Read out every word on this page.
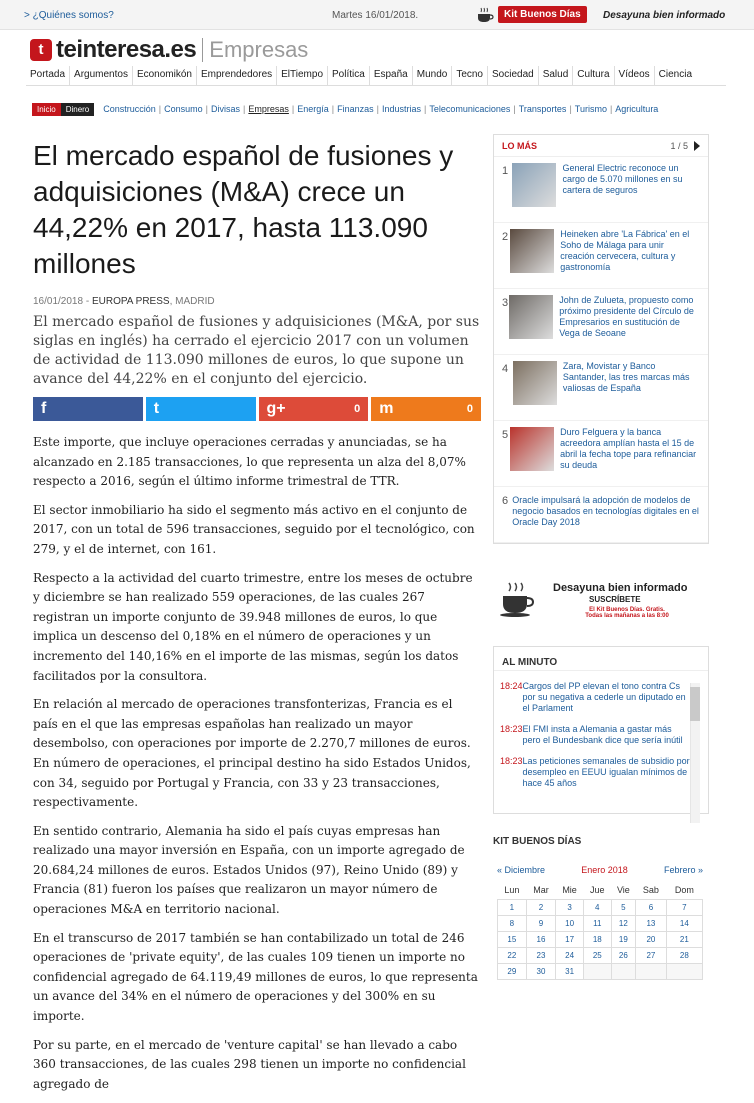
> ¿Quiénes somos?	Martes 16/01/2018.	Kit Buenos Días	Desayuna bien informado
t teinteresa.es Empresas
Portada Argumentos Economikón Emprendedores ElTiempo Política España Mundo Tecno Sociedad Salud Cultura Vídeos Ciencia
Inicio	Dinero	Construcción | Consumo | Divisas | Empresas | Energía | Finanzas | Industrias | Telecomunicaciones | Transportes | Turismo | Agricultura
El mercado español de fusiones y adquisiciones (M&A) crece un 44,22% en 2017, hasta 113.090 millones
16/01/2018 - EUROPA PRESS, MADRID

El mercado español de fusiones y adquisiciones (M&A, por sus siglas en inglés) ha cerrado el ejercicio 2017 con un volumen de actividad de 113.090 millones de euros, lo que supone un avance del 44,22% en el conjunto del ejercicio.

f	t	g+	0 m	0

Este importe, que incluye operaciones cerradas y anunciadas, se ha alcanzado en 2.185 transacciones, lo que representa un alza del 8,07% respecto a 2016, según el último informe trimestral de TTR.

El sector inmobiliario ha sido el segmento más activo en el conjunto de 2017, con un total de 596 transacciones, seguido por el tecnológico, con 279, y el de internet, con 161.

Respecto a la actividad del cuarto trimestre, entre los meses de octubre y diciembre se han realizado 559 operaciones, de las cuales 267 registran un importe conjunto de 39.948 millones de euros, lo que implica un descenso del 0,18% en el número de operaciones y un incremento del 140,16% en el importe de las mismas, según los datos facilitados por la consultora.

En relación al mercado de operaciones transfonterizas, Francia es el país en el que las empresas españolas han realizado un mayor desembolso, con operaciones por importe de 2.270,7 millones de euros. En número de operaciones, el principal destino ha sido Estados Unidos, con 34, seguido por Portugal y Francia, con 33 y 23 transacciones, respectivamente.

En sentido contrario, Alemania ha sido el país cuyas empresas han realizado una mayor inversión en España, con un importe agregado de 20.684,24 millones de euros. Estados Unidos (97), Reino Unido (89) y Francia (81) fueron los países que realizaron un mayor número de operaciones M&A en territorio nacional.

En el transcurso de 2017 también se han contabilizado un total de 246 operaciones de 'private equity', de las cuales 109 tienen un importe no confidencial agregado de 64.119,49 millones de euros, lo que representa un avance del 34% en el número de operaciones y del 300% en su importe.

Por su parte, en el mercado de 'venture capital' se han llevado a cabo 360 transacciones, de las cuales 298 tienen un importe no confidencial agregado de

LO MÁS	1 / 5
1	General Electric reconoce un cargo de 5.070 millones en su cartera de seguros
2	Heineken abre 'La Fábrica' en el Soho de Málaga para unir creación cervecera, cultura y gastronomía
3	John de Zulueta, propuesto como próximo presidente del Círculo de Empresarios en sustitución de Vega de Seoane
4	Zara, Movistar y Banco Santander, las tres marcas más valiosas de España
5	Duro Felguera y la banca acreedora amplían hasta el 15 de abril la fecha tope para refinanciar su deuda
6 Oracle impulsará la adopción de modelos de negocio basados en tecnologías digitales en el Oracle Day 2018
Desayuna bien informado
SUSCRÍBETE
El Kit Buenos Días. Gratis.
Todas las mañanas a las 8:00
AL MINUTO
18:24 Cargos del PP elevan el tono contra Cs por su negativa a cederle un diputado en el Parlament
18:23 El FMI insta a Alemania a gastar más pero el Bundesbank dice que sería inútil
18:23 Las peticiones semanales de subsidio por desempleo en EEUU igualan mínimos de hace 45 años
KIT BUENOS DÍAS
« Diciembre	Enero 2018	Febrero »
Lun	Mar	Mie	Jue	Vie	Sab	Dom
1	2	3	4	5	6	7
8	9	10	11	12	13	14
15	16	17	18	19	20	21
22	23	24	25	26	27	28
29	30	31				
